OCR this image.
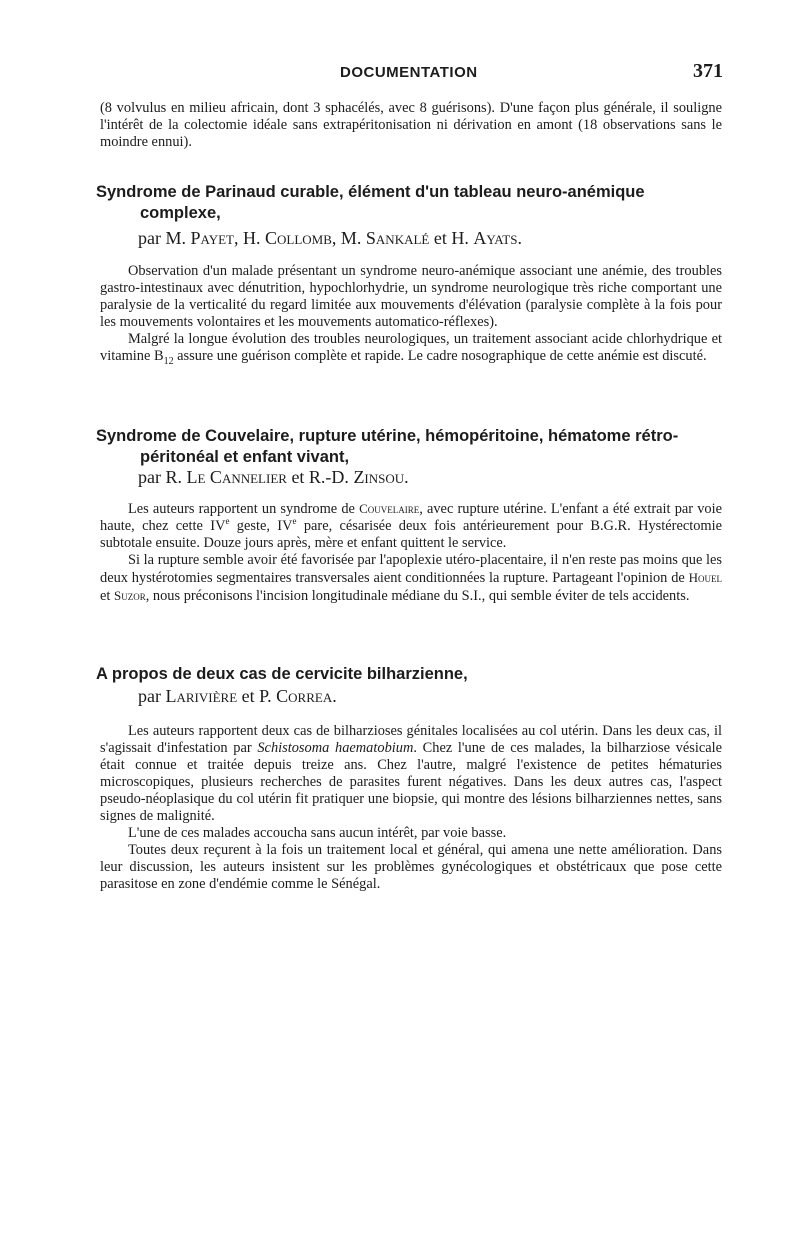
DOCUMENTATION	371

(8 volvulus en milieu africain, dont 3 sphacélés, avec 8 guérisons). D'une façon plus générale, il souligne l'intérêt de la colectomie idéale sans extrapéritonisation ni dérivation en amont (18 observations sans le moindre ennui).

Syndrome de Parinaud curable, élément d'un tableau neuro-anémique complexe,
par M. Payet, H. Collomb, M. Sankalé et H. Ayats.

Observation d'un malade présentant un syndrome neuro-anémique associant une anémie, des troubles gastro-intestinaux avec dénutrition, hypochlorhydrie, un syndrome neurologique très riche comportant une paralysie de la verticalité du regard limitée aux mouvements d'élévation (paralysie complète à la fois pour les mouvements volontaires et les mouvements automatico-réflexes).

Malgré la longue évolution des troubles neurologiques, un traitement associant acide chlorhydrique et vitamine $B_{12}$ assure une guérison complète et rapide. Le cadre nosographique de cette anémie est discuté.

Syndrome de Couvelaire, rupture utérine, hémopéritoine, hématome rétro-péritonéal et enfant vivant,
par R. Le Cannelier et R.-D. Zinsou.

Les auteurs rapportent un syndrome de Couvelaire, avec rupture utérine. L'enfant a été extrait par voie haute, chez cette IVe geste, IVe pare, césarisée deux fois antérieurement pour B.G.R. Hystérectomie subtotale ensuite. Douze jours après, mère et enfant quittent le service.

Si la rupture semble avoir été favorisée par l'apoplexie utéro-placentaire, il n'en reste pas moins que les deux hystérotomies segmentaires transversales aient conditionnées la rupture. Partageant l'opinion de Houel et Suzor, nous préconisons l'incision longitudinale médiane du S.I., qui semble éviter de tels accidents.

A propos de deux cas de cervicite bilharzienne,
par Larivière et P. Correa.

Les auteurs rapportent deux cas de bilharzioses génitales localisées au col utérin. Dans les deux cas, il s'agissait d'infestation par Schistosoma haematobium. Chez l'une de ces malades, la bilharziose vésicale était connue et traitée depuis treize ans. Chez l'autre, malgré l'existence de petites hématuries microscopiques, plusieurs recherches de parasites furent négatives. Dans les deux autres cas, l'aspect pseudo-néoplasique du col utérin fit pratiquer une biopsie, qui montre des lésions bilharziennes nettes, sans signes de malignité.

L'une de ces malades accoucha sans aucun intérêt, par voie basse.

Toutes deux reçurent à la fois un traitement local et général, qui amena une nette amélioration. Dans leur discussion, les auteurs insistent sur les problèmes gynécologiques et obstétricaux que pose cette parasitose en zone d'endémie comme le Sénégal.
